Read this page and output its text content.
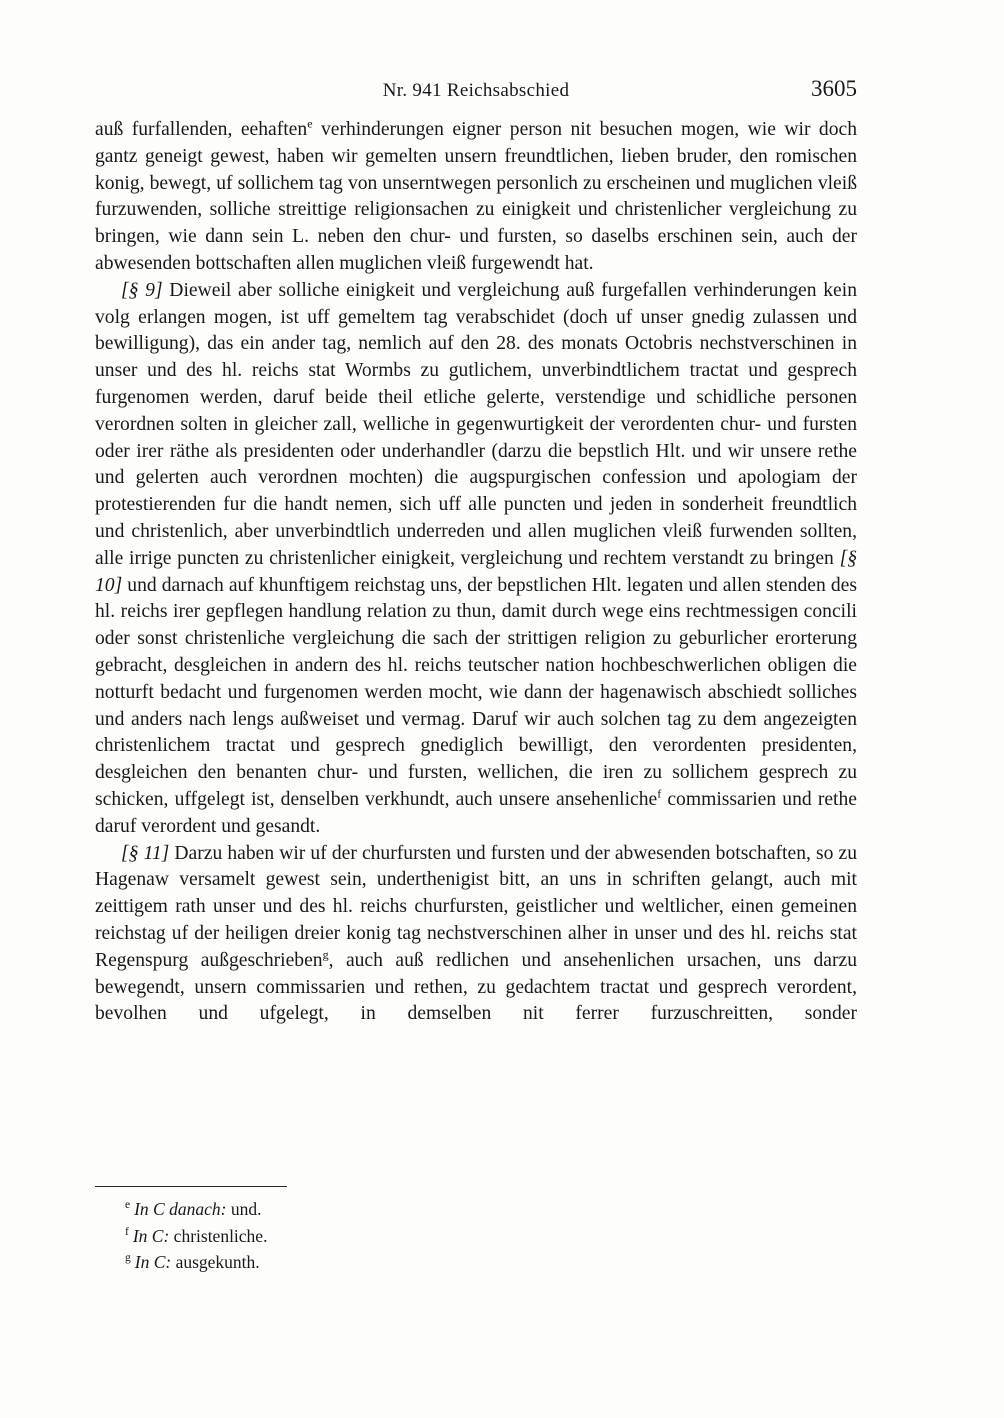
Nr. 941 Reichsabschied	3605

auß furfallenden, eehaften$^e$ verhinderungen eigner person nit besuchen mogen, wie wir doch gantz geneigt gewest, haben wir gemelten unsern freundtlichen, lieben bruder, den romischen konig, bewegt, uf sollichem tag von unserntwegen personlich zu erscheinen und muglichen vleiß furzuwenden, solliche streittige religionsachen zu einigkeit und christenlicher vergleichung zu bringen, wie dann sein L. neben den chur- und fursten, so daselbs erschinen sein, auch der abwesenden bottschaften allen muglichen vleiß furgewendt hat.

[§ 9] Dieweil aber solliche einigkeit und vergleichung auß furgefallen verhinderungen kein volg erlangen mogen, ist uff gemeltem tag verabschidet (doch uf unser gnedig zulassen und bewilligung), das ein ander tag, nemlich auf den 28. des monats Octobris nechstverschinen in unser und des hl. reichs stat Wormbs zu gutlichem, unverbindtlichem tractat und gesprech furgenomen werden, daruf beide theil etliche gelerte, verstendige und schidliche personen verordnen solten in gleicher zall, welliche in gegenwurtigkeit der verordenten chur- und fursten oder irer räthe als presidenten oder underhandler (darzu die bepstlich Hlt. und wir unsere rethe und gelerten auch verordnen mochten) die augspurgischen confession und apologiam der protestierenden fur die handt nemen, sich uff alle puncten und jeden in sonderheit freundtlich und christenlich, aber unverbindtlich underreden und allen muglichen vleiß furwenden sollten, alle irrige puncten zu christenlicher einigkeit, vergleichung und rechtem verstandt zu bringen [§ 10] und darnach auf khunftigem reichstag uns, der bepstlichen Hlt. legaten und allen stenden des hl. reichs irer gepflegen handlung relation zu thun, damit durch wege eins rechtmessigen concili oder sonst christenliche vergleichung die sach der strittigen religion zu geburlicher erorterung gebracht, desgleichen in andern des hl. reichs teutscher nation hochbeschwerlichen obligen die notturft bedacht und furgenomen werden mocht, wie dann der hagenawisch abschiedt solliches und anders nach lengs außweiset und vermag. Daruf wir auch solchen tag zu dem angezeigten christenlichem tractat und gesprech gnediglich bewilligt, den verordenten presidenten, desgleichen den benanten chur- und fursten, wellichen, die iren zu sollichem gesprech zu schicken, uffgelegt ist, denselben verkhundt, auch unsere ansehenliche$^f$ commissarien und rethe daruf verordent und gesandt.

[§ 11] Darzu haben wir uf der churfursten und fursten und der abwesenden botschaften, so zu Hagenaw versamelt gewest sein, underthenigist bitt, an uns in schriften gelangt, auch mit zeittigem rath unser und des hl. reichs churfursten, geistlicher und weltlicher, einen gemeinen reichstag uf der heiligen dreier konig tag nechstverschinen alher in unser und des hl. reichs stat Regenspurg außgeschrieben$^g$, auch auß redlichen und ansehenlichen ursachen, uns darzu bewegendt, unsern commissarien und rethen, zu gedachtem tractat und gesprech verordent, bevolhen und ufgelegt, in demselben nit ferrer furzuschreitten, sonder

$^e$ In C danach: und.
$^f$ In C: christenliche.
$^g$ In C: ausgekunth.
